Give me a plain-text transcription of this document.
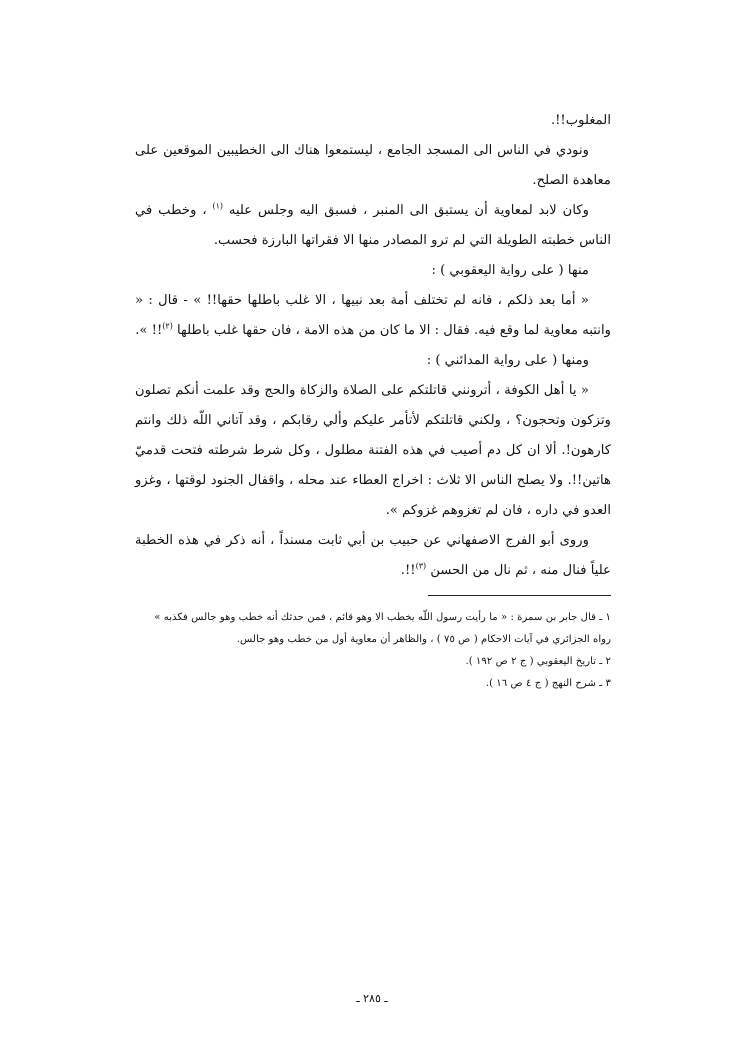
المغلوب!!.

ونودي في الناس الى المسجد الجامع ، ليستمعوا هناك الى الخطيبين الموقعين على معاهدة الصلح.

وكان لابد لمعاوية أن يستبق الى المنبر ، فسبق اليه وجلس عليه $^{(١)}$ ، وخطب في الناس خطبته الطويلة التي لم ترو المصادر منها الا فقراتها البارزة فحسب.

منها ( على رواية اليعقوبي ) :

« أما بعد ذلكم ، فانه لم تختلف أمة بعد نبيها ، الا غلب باطلها حقها!! » - قال : « وانتبه معاوية لما وقع فيه. فقال : الا ما كان من هذه الامة ، فان حقها غلب باطلها $^{(٢)}$!! ».

ومنها ( على رواية المدائني ) :

« يا أهل الكوفة ، أترونني قاتلتكم على الصلاة والزكاة والحج وقد علمت أنكم تصلون وتزكون وتحجون؟ ، ولكني قاتلتكم لأتأمر عليكم وألي رقابكم ، وقد آتاني اللّه ذلك وانتم كارهون!. ألا ان كل دم أصيب في هذه الفتنة مطلول ، وكل شرط شرطته فتحت قدميّ هاتين!!. ولا يصلح الناس الا ثلاث : اخراج العطاء عند محله ، واقفال الجنود لوقتها ، وغزو العدو في داره ، فان لم تغزوهم غزوكم ».

وروى أبو الفرج الاصفهاني عن حبيب بن أبي ثابت مسنداً ، أنه ذكر في هذه الخطبة علياً فنال منه ، ثم نال من الحسن $^{(٣)}$!!.

١ ـ قال جابر بن سمرة : « ما رأيت رسول اللّه يخطب الا وهو قائم ، فمن حدثك أنه خطب وهو جالس فكذبه »

رواه الجزائري في آيات الاحكام ( ص ٧٥ ) ، والظاهر أن معاوية أول من خطب وهو جالس.

٢ ـ تاريخ اليعقوبي ( ج ٢ ص ١٩٢ ).

٣ ـ شرح النهج ( ج ٤ ص ١٦ ).

ـ ٢٨٥ ـ
